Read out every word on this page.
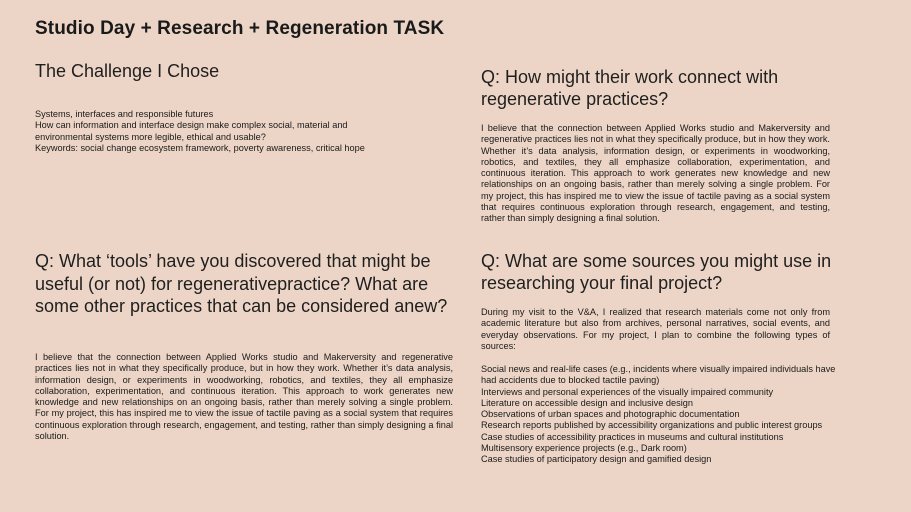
Studio Day + Research + Regeneration TASK
The Challenge I Chose
Systems, interfaces and responsible futures
How can information and interface design make complex social, material and
environmental systems more legible, ethical and usable?
Keywords: social change ecosystem framework, poverty awareness, critical hope
Q: How might their work connect with regenerative practices?

I believe that the connection between Applied Works studio and Makerversity and regenerative practices lies not in what they specifically produce, but in how they work. Whether it’s data analysis, information design, or experiments in woodworking, robotics, and textiles, they all emphasize collaboration, experimentation, and continuous iteration. This approach to work generates new knowledge and new relationships on an ongoing basis, rather than merely solving a single problem. For my project, this has inspired me to view the issue of tactile paving as a social system that requires continuous exploration through research, engagement, and testing, rather than simply designing a final solution.

Q: What ‘tools’ have you discovered that might be useful (or not) for regenerativepractice? What are some other practices that can be considered anew?

I believe that the connection between Applied Works studio and Makerversity and regenerative practices lies not in what they specifically produce, but in how they work. Whether it’s data analysis, information design, or experiments in woodworking, robotics, and textiles, they all emphasize collaboration, experimentation, and continuous iteration. This approach to work generates new knowledge and new relationships on an ongoing basis, rather than merely solving a single problem. For my project, this has inspired me to view the issue of tactile paving as a social system that requires continuous exploration through research, engagement, and testing, rather than simply designing a final solution.

Q: What are some sources you might use in researching your final project?

During my visit to the V&A, I realized that research materials come not only from academic literature but also from archives, personal narratives, social events, and everyday observations. For my project, I plan to combine the following types of sources:

Social news and real-life cases (e.g., incidents where visually impaired individuals have had accidents due to blocked tactile paving)
Interviews and personal experiences of the visually impaired community
Literature on accessible design and inclusive design
Observations of urban spaces and photographic documentation
Research reports published by accessibility organizations and public interest groups
Case studies of accessibility practices in museums and cultural institutions
Multisensory experience projects (e.g., Dark room)
Case studies of participatory design and gamified design
